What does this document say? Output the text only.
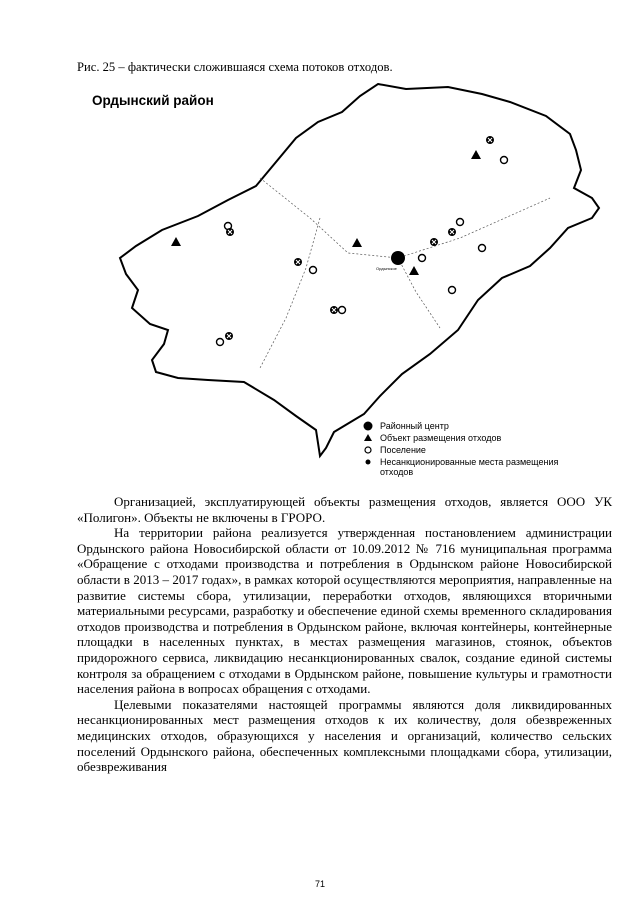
Рис. 25 – фактически сложившаяся схема потоков отходов.
Ордынский район
Ордынское
Районный центр
Объект размещения отходов
Поселение
Несанкционированные места размещения отходов

Организацией, эксплуатирующей объекты размещения отходов, является ООО УК «Полигон». Объекты не включены в ГРОРО.

На территории района реализуется утвержденная постановлением администрации Ордынского района Новосибирской области от 10.09.2012 № 716 муниципальная программа «Обращение с отходами производства и потребления в Ордынском районе Новосибирской области в 2013 – 2017 годах», в рамках которой осуществляются мероприятия, направленные на развитие системы сбора, утилизации, переработки отходов, являющихся вторичными материальными ресурсами, разработку и обеспечение единой схемы временного складирования отходов производства и потребления в Ордынском районе, включая контейнеры, контейнерные площадки в населенных пунктах, в местах размещения магазинов, стоянок, объектов придорожного сервиса, ликвидацию несанкционированных свалок, создание единой системы контроля за обращением с отходами в Ордынском районе, повышение культуры и грамотности населения района в вопросах обращения с отходами.

Целевыми показателями настоящей программы являются доля ликвидированных несанкционированных мест размещения отходов к их количеству, доля обезвреженных медицинских отходов, образующихся у населения и организаций, количество сельских поселений Ордынского района, обеспеченных комплексными площадками сбора, утилизации, обезвреживания

71
